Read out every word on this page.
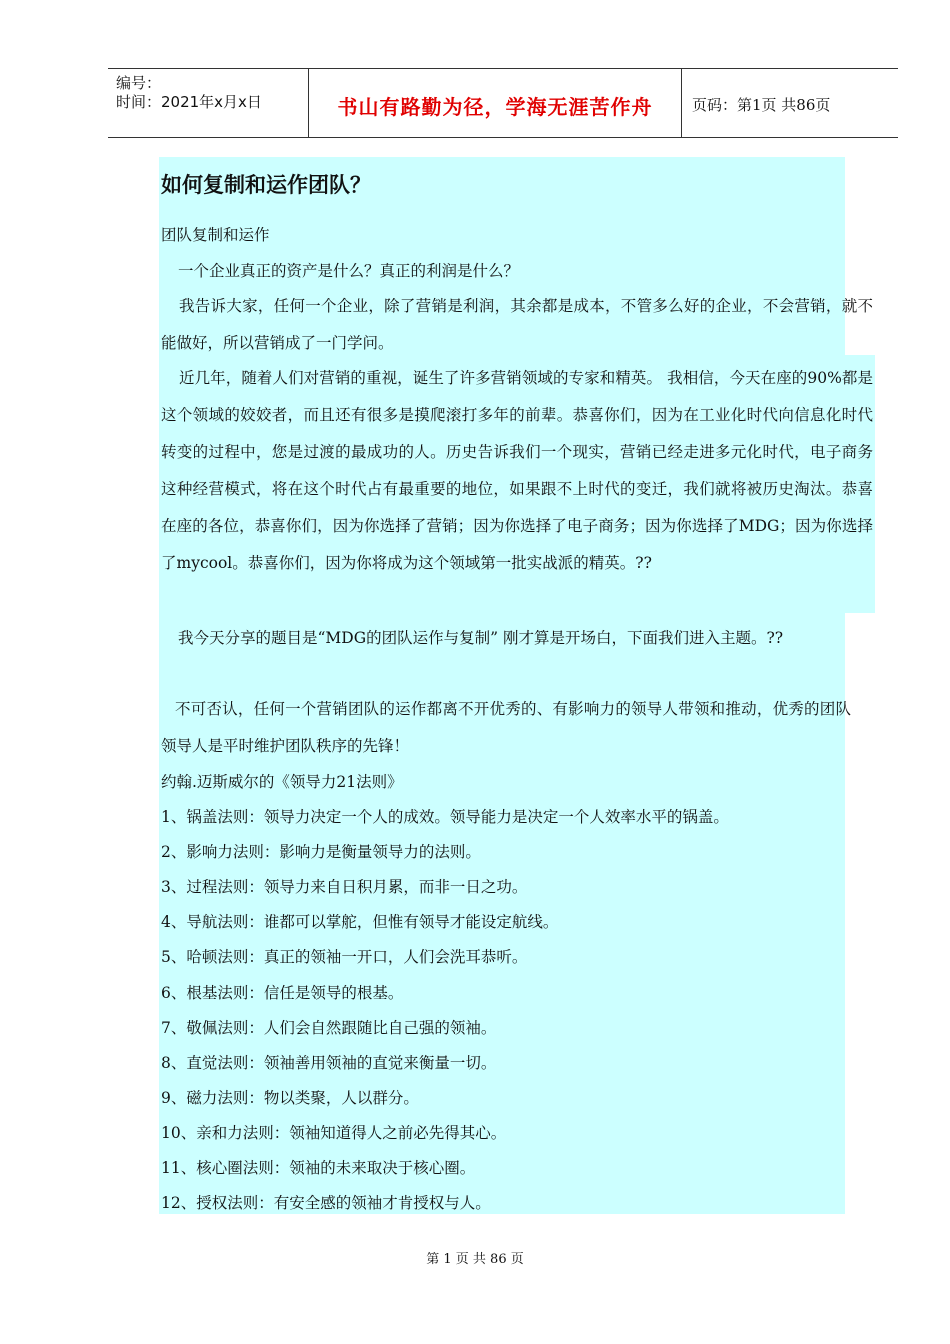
编号：
时间：2021年x月x日	书山有路勤为径，学海无涯苦作舟	页码：第1页 共86页
如何复制和运作团队？
团队复制和运作
一个企业真正的资产是什么？真正的利润是什么？
我告诉大家，任何一个企业，除了营销是利润，其余都是成本，不管多么好的企业，不会营销，就不能做好，所以营销成了一门学问。
近几年，随着人们对营销的重视，诞生了许多营销领域的专家和精英。 我相信，今天在座的90%都是这个领域的姣姣者，而且还有很多是摸爬滚打多年的前辈。恭喜你们，因为在工业化时代向信息化时代转变的过程中，您是过渡的最成功的人。历史告诉我们一个现实，营销已经走进多元化时代，电子商务这种经营模式，将在这个时代占有最重要的地位，如果跟不上时代的变迁，我们就将被历史淘汰。恭喜在座的各位，恭喜你们，因为你选择了营销；因为你选择了电子商务；因为你选择了MDG；因为你选择了mycool。恭喜你们，因为你将成为这个领域第一批实战派的精英。??
我今天分享的题目是“MDG的团队运作与复制” 刚才算是开场白，下面我们进入主题。??
不可否认，任何一个营销团队的运作都离不开优秀的、有影响力的领导人带领和推动，优秀的团队领导人是平时维护团队秩序的先锋！
约翰.迈斯威尔的《领导力21法则》
1、锅盖法则：领导力决定一个人的成效。领导能力是决定一个人效率水平的锅盖。
2、影响力法则：影响力是衡量领导力的法则。
3、过程法则：领导力来自日积月累，而非一日之功。
4、导航法则：谁都可以掌舵，但惟有领导才能设定航线。
5、哈顿法则：真正的领袖一开口，人们会洗耳恭听。
6、根基法则：信任是领导的根基。
7、敬佩法则：人们会自然跟随比自己强的领袖。
8、直觉法则：领袖善用领袖的直觉来衡量一切。
9、磁力法则：物以类聚，人以群分。
10、亲和力法则：领袖知道得人之前必先得其心。
11、核心圈法则：领袖的未来取决于核心圈。
12、授权法则：有安全感的领袖才肯授权与人。
第 1 页 共 86 页
